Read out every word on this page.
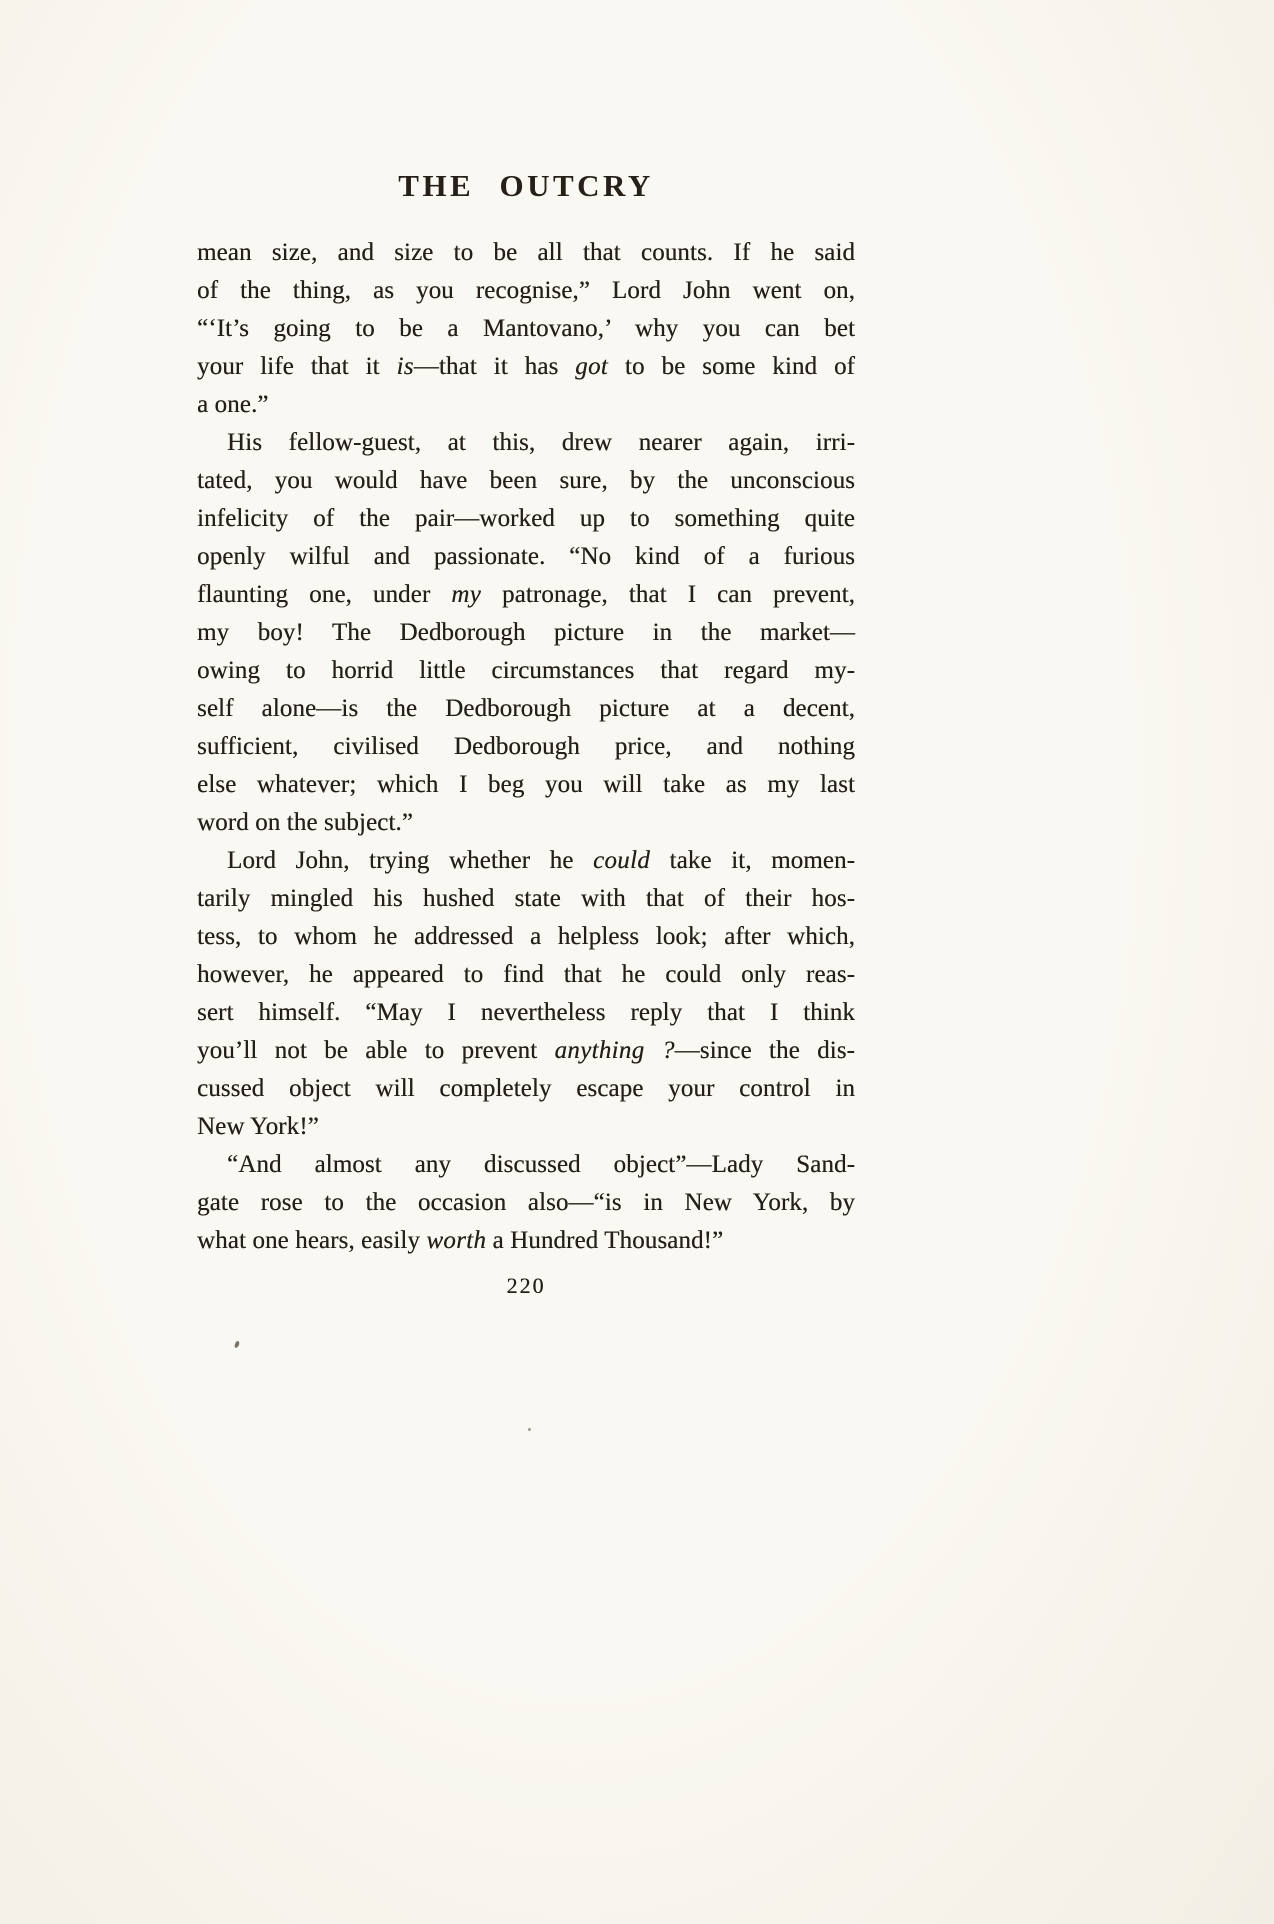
THE OUTCRY

mean size, and size to be all that counts. If he said
of the thing, as you recognise,” Lord John went on,
“‘It’s going to be a Mantovano,’ why you can bet
your life that it is—that it has got to be some kind of
a one.”

His fellow-guest, at this, drew nearer again, irri-
tated, you would have been sure, by the unconscious
infelicity of the pair—worked up to something quite
openly wilful and passionate. “No kind of a furious
flaunting one, under my patronage, that I can prevent,
my boy! The Dedborough picture in the market—
owing to horrid little circumstances that regard my-
self alone—is the Dedborough picture at a decent,
sufficient, civilised Dedborough price, and nothing
else whatever; which I beg you will take as my last
word on the subject.”

Lord John, trying whether he could take it, momen-
tarily mingled his hushed state with that of their hos-
tess, to whom he addressed a helpless look; after which,
however, he appeared to find that he could only reas-
sert himself. “May I nevertheless reply that I think
you’ll not be able to prevent anything ?—since the dis-
cussed object will completely escape your control in
New York!”

“And almost any discussed object”—Lady Sand-
gate rose to the occasion also—“is in New York, by
what one hears, easily worth a Hundred Thousand!”

220
